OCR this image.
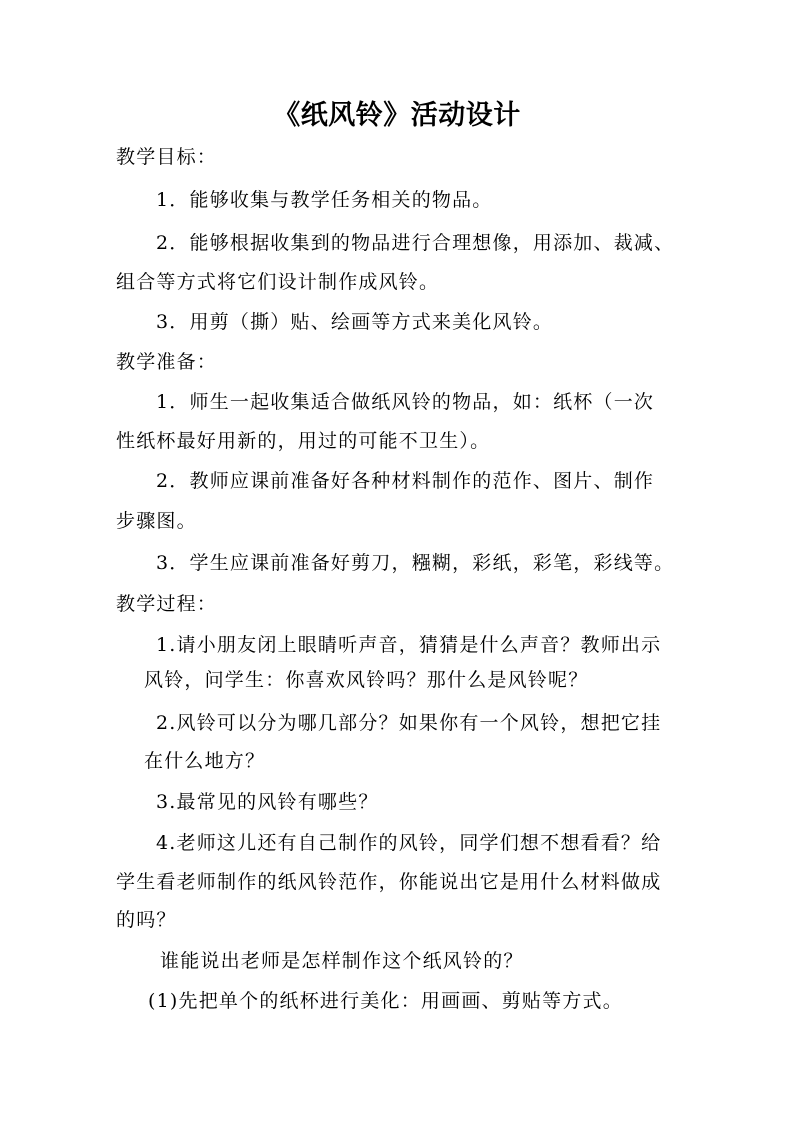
《纸风铃》活动设计
教学目标：
1．能够收集与教学任务相关的物品。
2．能够根据收集到的物品进行合理想像，用添加、裁减、
组合等方式将它们设计制作成风铃。
3．用剪（撕）贴、绘画等方式来美化风铃。
教学准备：
1．师生一起收集适合做纸风铃的物品，如：纸杯（一次
性纸杯最好用新的，用过的可能不卫生）。
2．教师应课前准备好各种材料制作的范作、图片、制作
步骤图。
3．学生应课前准备好剪刀，糨糊，彩纸，彩笔，彩线等。
教学过程：
1.请小朋友闭上眼睛听声音，猜猜是什么声音？教师出示
风铃，问学生：你喜欢风铃吗？那什么是风铃呢？
2.风铃可以分为哪几部分？如果你有一个风铃，想把它挂
在什么地方？
3.最常见的风铃有哪些？
4.老师这儿还有自己制作的风铃，同学们想不想看看？给
学生看老师制作的纸风铃范作，你能说出它是用什么材料做成
的吗？
谁能说出老师是怎样制作这个纸风铃的？
(1)先把单个的纸杯进行美化：用画画、剪贴等方式。
